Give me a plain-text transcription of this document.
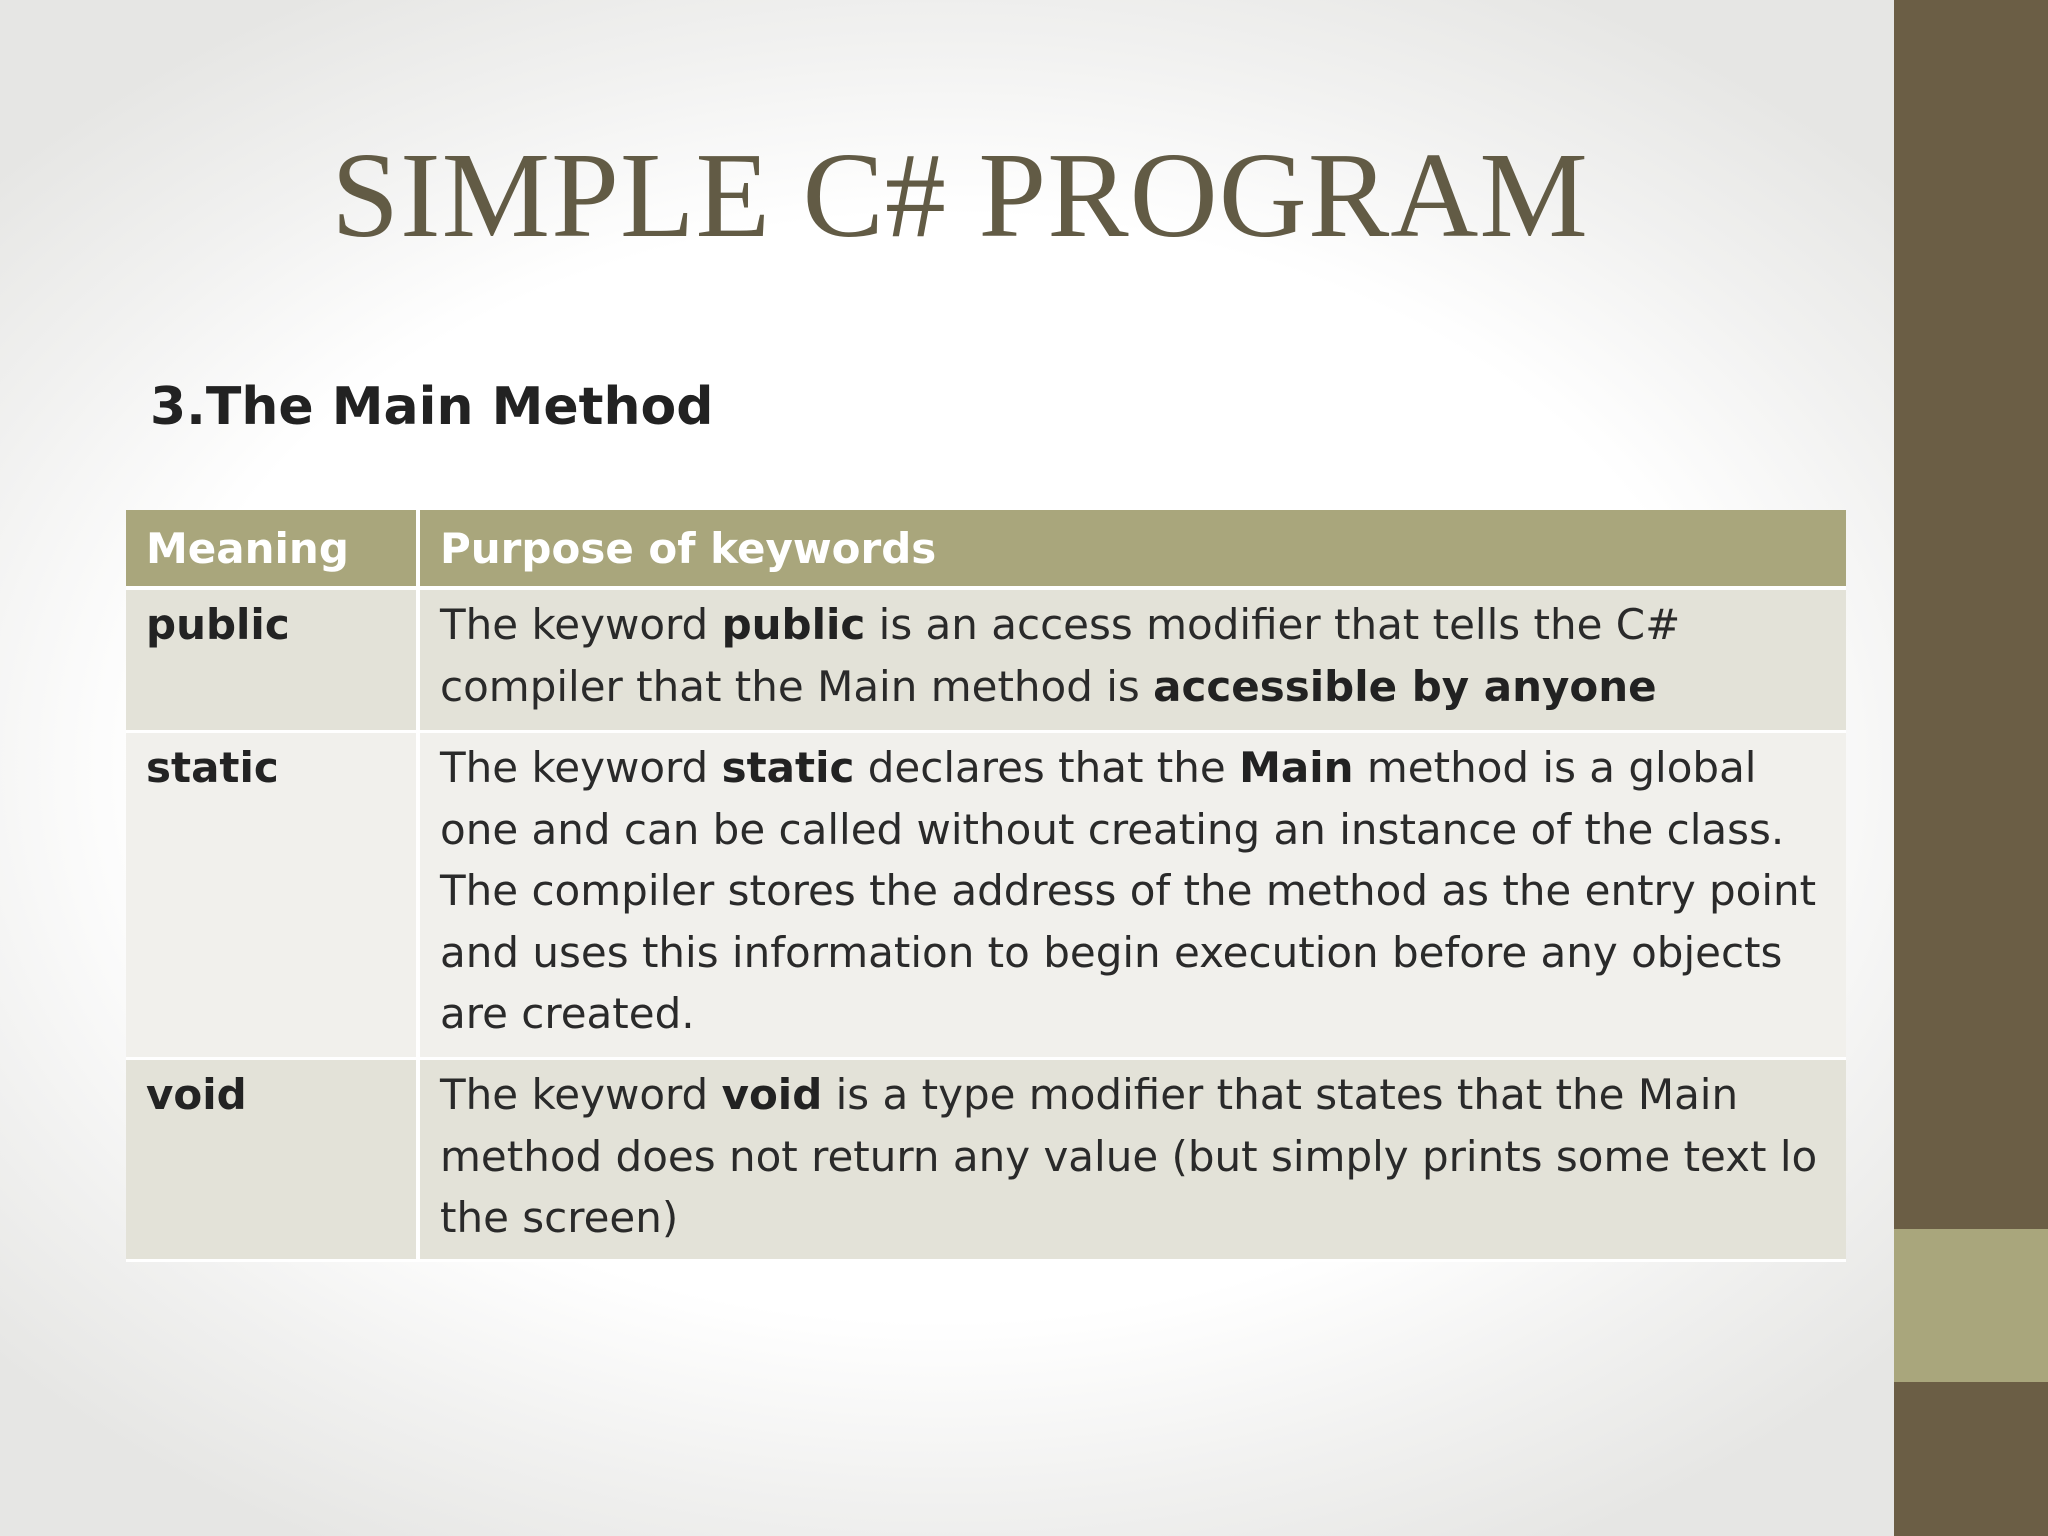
SIMPLE C# PROGRAM
3.The Main Method
Meaning	Purpose of keywords
public	The keyword public is an access modifier that tells the C# compiler that the Main method is accessible by anyone
static	The keyword static declares that the Main method is a global one and can be called without creating an instance of the class. The compiler stores the address of the method as the entry point and uses this information to begin execution before any objects are created.
void	The keyword void is a type modifier that states that the Main method does not return any value (but simply prints some text lo the screen)
